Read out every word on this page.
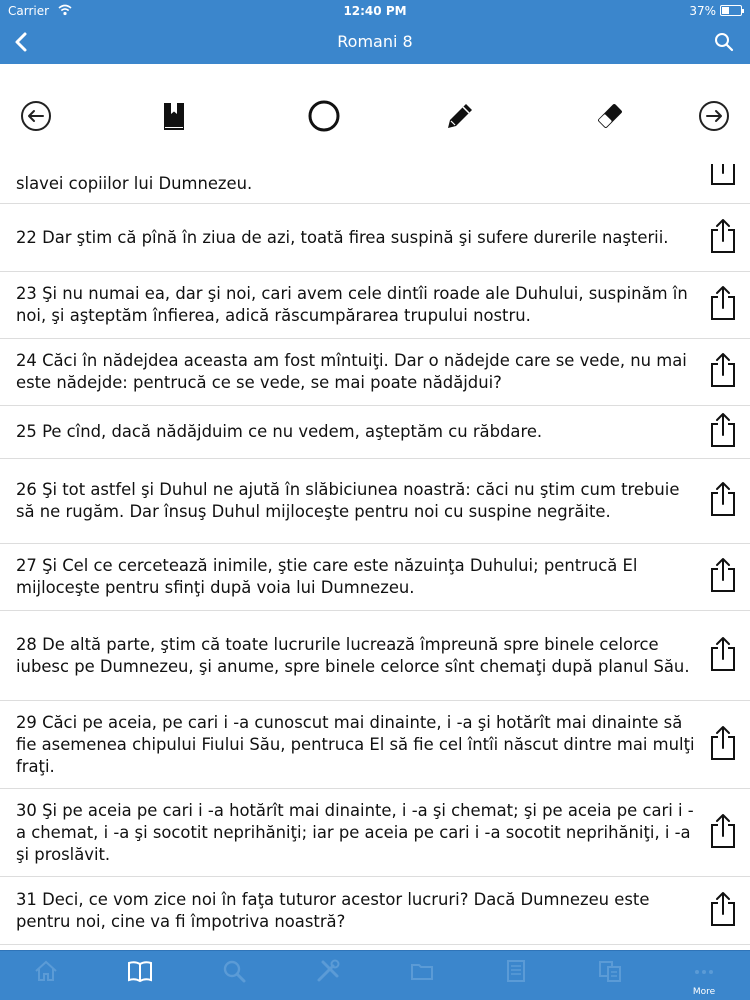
Carrier	12:40 PM	37%
Romani 8
slavei copiilor lui Dumnezeu.
22 Dar ştim că pînă în ziua de azi, toată firea suspină şi sufere durerile naşterii.
23 Şi nu numai ea, dar şi noi, cari avem cele dintîi roade ale Duhului, suspinăm în noi, şi aşteptăm înfierea, adică răscumpărarea trupului nostru.
24 Căci în nădejdea aceasta am fost mîntuiţi. Dar o nădejde care se vede, nu mai este nădejde: pentrucă ce se vede, se mai poate nădăjdui?
25 Pe cînd, dacă nădăjduim ce nu vedem, aşteptăm cu răbdare.
26 Şi tot astfel şi Duhul ne ajută în slăbiciunea noastră: căci nu ştim cum trebuie să ne rugăm. Dar însuş Duhul mijloceşte pentru noi cu suspine negrăite.
27 Şi Cel ce cercetează inimile, ştie care este năzuinţa Duhului; pentrucă El mijloceşte pentru sfinţi după voia lui Dumnezeu.
28 De altă parte, ştim că toate lucrurile lucrează împreună spre binele celorce iubesc pe Dumnezeu, şi anume, spre binele celorce sînt chemaţi după planul Său.
29 Căci pe aceia, pe cari i -a cunoscut mai dinainte, i -a şi hotărît mai dinainte să fie asemenea chipului Fiului Său, pentruca El să fie cel întîi născut dintre mai mulţi fraţi.
30 Şi pe aceia pe cari i -a hotărît mai dinainte, i -a şi chemat; şi pe aceia pe cari i -a chemat, i -a şi socotit neprihăniţi; iar pe aceia pe cari i -a socotit neprihăniţi, i -a şi proslăvit.
31 Deci, ce vom zice noi în faţa tuturor acestor lucruri? Dacă Dumnezeu este pentru noi, cine va fi împotriva noastră?
More
